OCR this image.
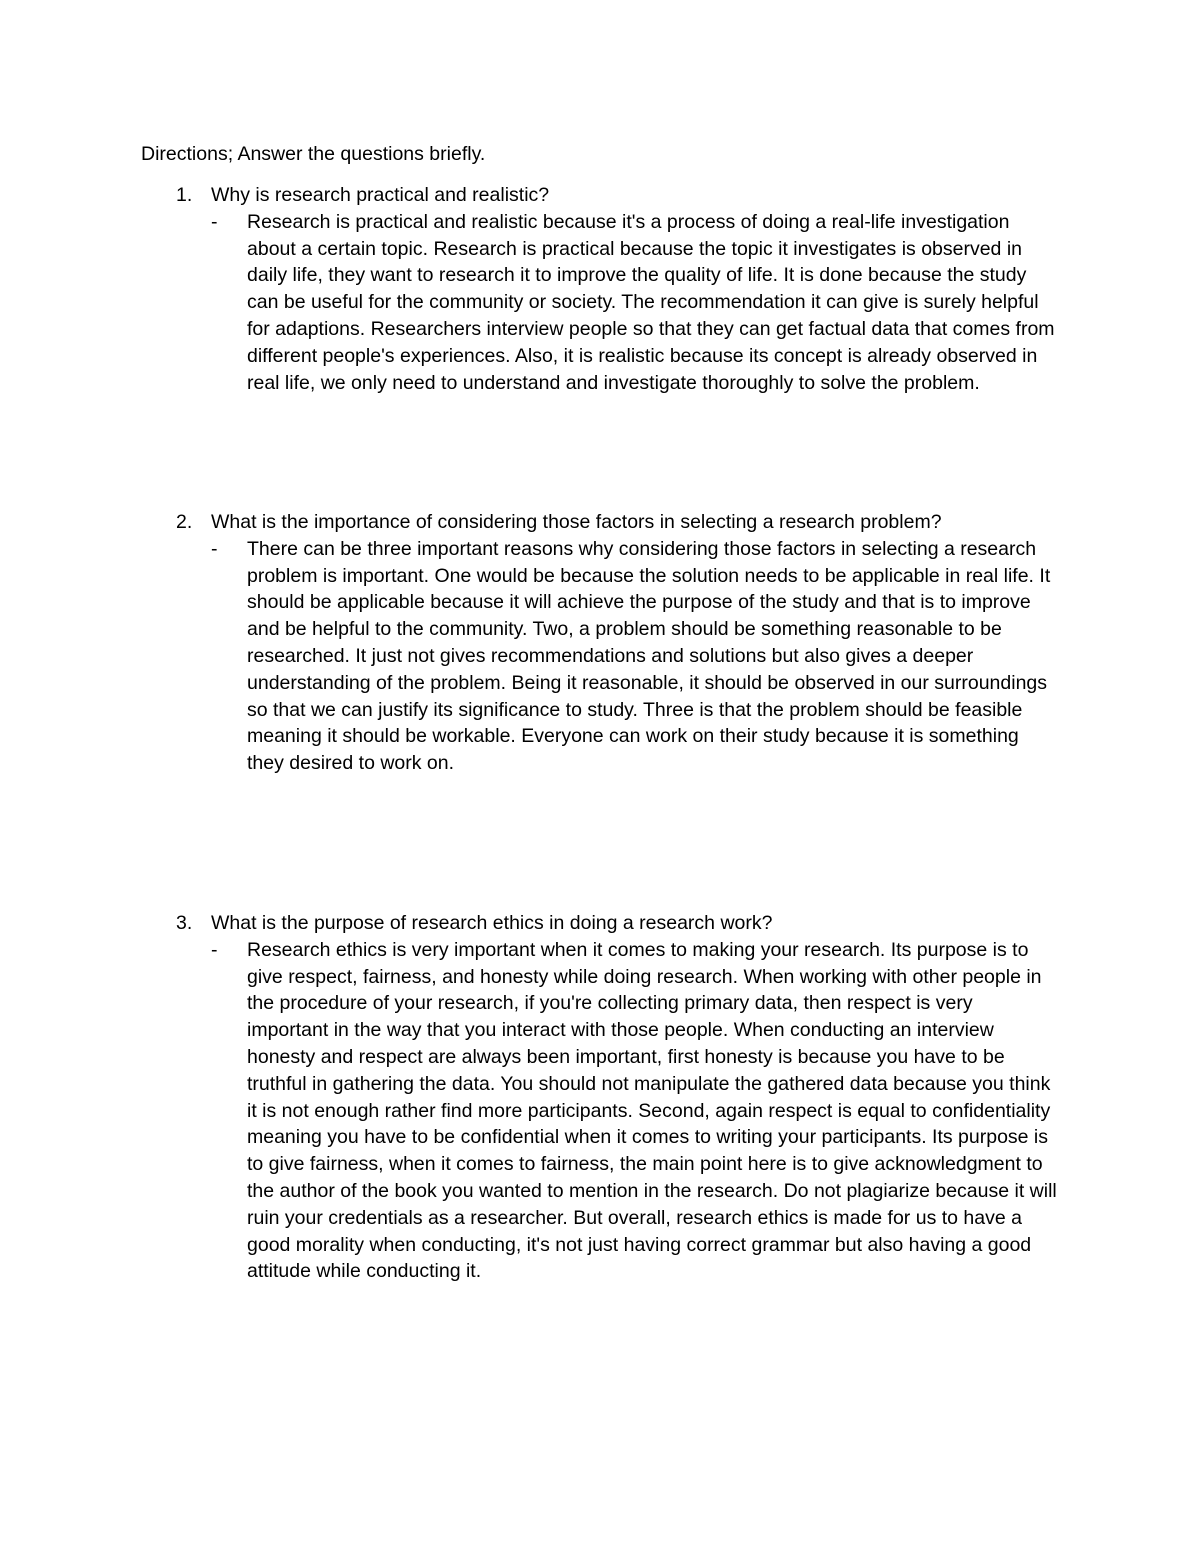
Directions; Answer the questions briefly.
1. Why is research practical and realistic?
- Research is practical and realistic because it's a process of doing a real-life investigation about a certain topic. Research is practical because the topic it investigates is observed in daily life, they want to research it to improve the quality of life. It is done because the study can be useful for the community or society. The recommendation it can give is surely helpful for adaptions. Researchers interview people so that they can get factual data that comes from different people's experiences. Also, it is realistic because its concept is already observed in real life, we only need to understand and investigate thoroughly to solve the problem.
2. What is the importance of considering those factors in selecting a research problem?
- There can be three important reasons why considering those factors in selecting a research problem is important. One would be because the solution needs to be applicable in real life. It should be applicable because it will achieve the purpose of the study and that is to improve and be helpful to the community. Two, a problem should be something reasonable to be researched. It just not gives recommendations and solutions but also gives a deeper understanding of the problem. Being it reasonable, it should be observed in our surroundings so that we can justify its significance to study. Three is that the problem should be feasible meaning it should be workable. Everyone can work on their study because it is something they desired to work on.
3. What is the purpose of research ethics in doing a research work?
- Research ethics is very important when it comes to making your research. Its purpose is to give respect, fairness, and honesty while doing research. When working with other people in the procedure of your research, if you're collecting primary data, then respect is very important in the way that you interact with those people. When conducting an interview honesty and respect are always been important, first honesty is because you have to be truthful in gathering the data. You should not manipulate the gathered data because you think it is not enough rather find more participants. Second, again respect is equal to confidentiality meaning you have to be confidential when it comes to writing your participants. Its purpose is to give fairness, when it comes to fairness, the main point here is to give acknowledgment to the author of the book you wanted to mention in the research. Do not plagiarize because it will ruin your credentials as a researcher. But overall, research ethics is made for us to have a good morality when conducting, it's not just having correct grammar but also having a good attitude while conducting it.
